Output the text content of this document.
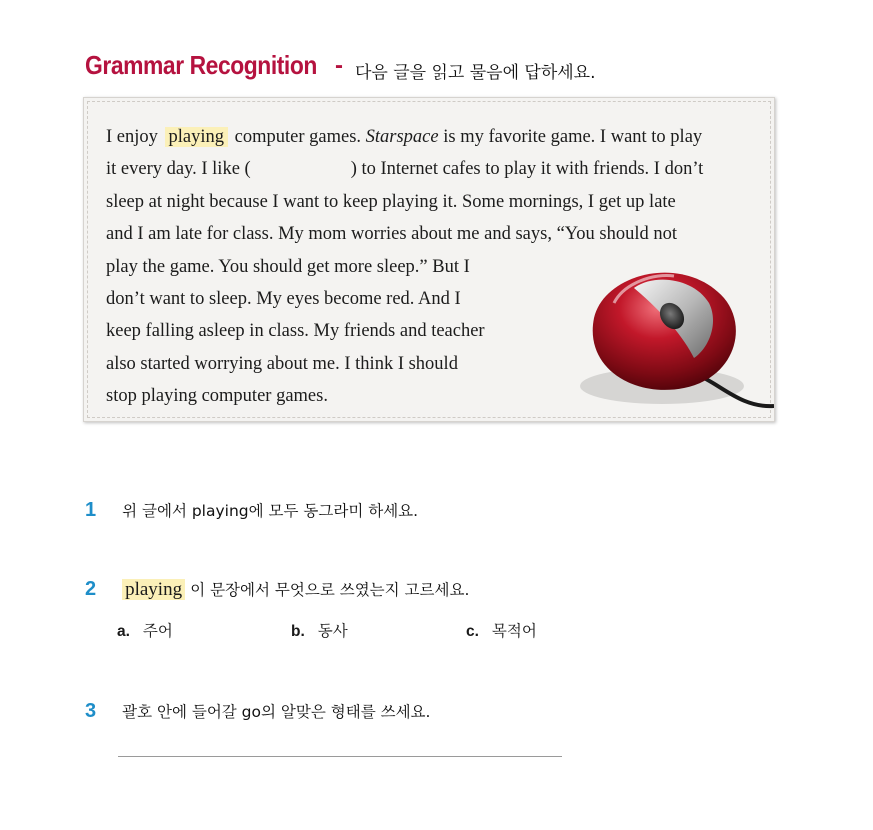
Grammar Recognition - 다음 글을 읽고 물음에 답하세요.
I enjoy playing computer games. Starspace is my favorite game. I want to play
it every day. I like (	) to Internet cafes to play it with friends. I don’t
sleep at night because I want to keep playing it. Some mornings, I get up late
and I am late for class. My mom worries about me and says, “You should not
play the game. You should get more sleep.” But I
don’t want to sleep. My eyes become red. And I
keep falling asleep in class. My friends and teacher
also started worrying about me. I think I should
stop playing computer games.
1 위 글에서 playing에 모두 동그라미 하세요.
2 playing 이 문장에서 무엇으로 쓰였는지 고르세요.
a. 주어	b. 동사	c. 목적어
3 괄호 안에 들어갈 go의 알맞은 형태를 쓰세요.
